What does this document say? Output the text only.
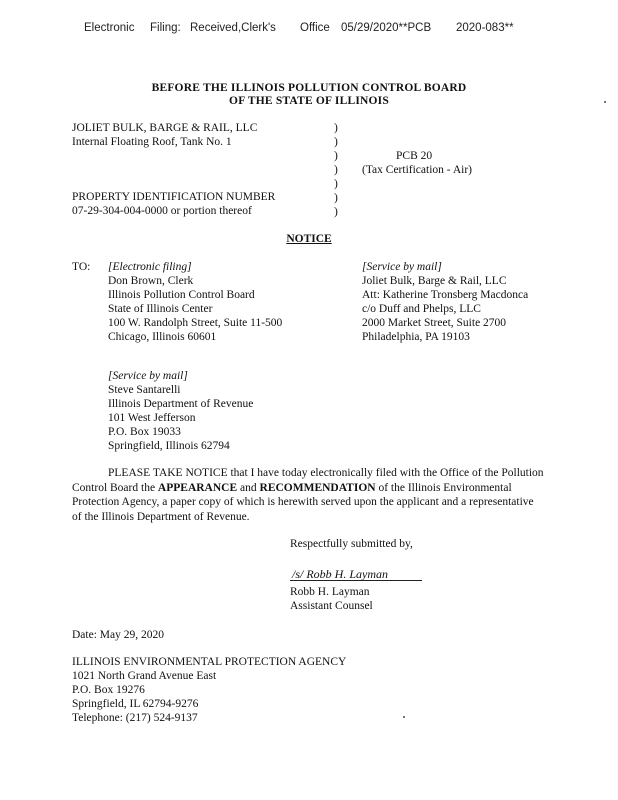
Electronic Filing: Received,Clerk's Office 05/29/2020**PCB 2020-083**
BEFORE THE ILLINOIS POLLUTION CONTROL BOARD
OF THE STATE OF ILLINOIS
JOLIET BULK, BARGE & RAIL, LLC
Internal Floating Roof, Tank No. 1
PROPERTY IDENTIFICATION NUMBER
07-29-304-004-0000 or portion thereof
)
)
)
)
)
)
)
PCB 20
(Tax Certification - Air)
NOTICE
TO: [Electronic filing]
Don Brown, Clerk
Illinois Pollution Control Board
State of Illinois Center
100 W. Randolph Street, Suite 11-500
Chicago, Illinois 60601
[Service by mail]
Joliet Bulk, Barge & Rail, LLC
Att: Katherine Tronsberg Macdonca
c/o Duff and Phelps, LLC
2000 Market Street, Suite 2700
Philadelphia, PA 19103
[Service by mail]
Steve Santarelli
Illinois Department of Revenue
101 West Jefferson
P.O. Box 19033
Springfield, Illinois 62794
PLEASE TAKE NOTICE that I have today electronically filed with the Office of the Pollution Control Board the APPEARANCE and RECOMMENDATION of the Illinois Environmental Protection Agency, a paper copy of which is herewith served upon the applicant and a representative of the Illinois Department of Revenue.
Respectfully submitted by,
/s/ Robb H. Layman
Robb H. Layman
Assistant Counsel
Date: May 29, 2020
ILLINOIS ENVIRONMENTAL PROTECTION AGENCY
1021 North Grand Avenue East
P.O. Box 19276
Springfield, IL 62794-9276
Telephone: (217) 524-9137
